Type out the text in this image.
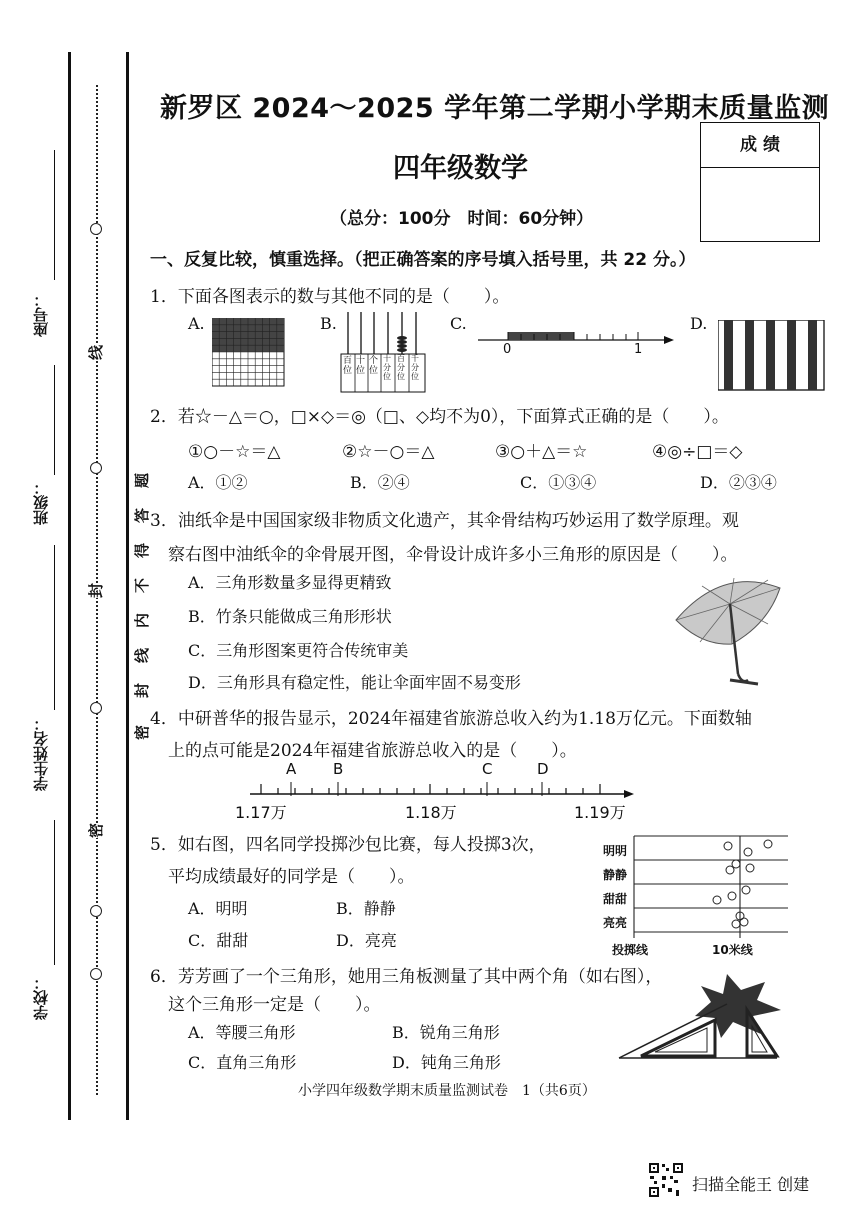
线
封
密
座号：
班级：
学生姓名：
学校：
密
封
线
内
不
得
答
题
新罗区 2024～2025 学年第二学期小学期末质量监测
四年级数学
（总分：100分　时间：60分钟）
成 绩
一、反复比较，慎重选择。（把正确答案的序号填入括号里，共 22 分。）
1．下面各图表示的数与其他不同的是（　　）。
A.	B.	C.	D.
百位
十位
个位
十分位
百分位
千分位
0	1
2．若☆－△＝○，□×◇＝◎（□、◇均不为0），下面算式正确的是（　　）。
①○－☆＝△	②☆－○＝△	③○＋△＝☆	④◎÷□＝◇
A．①②	B．②④	C．①③④	D．②③④
3．油纸伞是中国国家级非物质文化遗产，其伞骨结构巧妙运用了数学原理。观
察右图中油纸伞的伞骨展开图，伞骨设计成许多小三角形的原因是（　　）。
A．三角形数量多显得更精致
B．竹条只能做成三角形形状
C．三角形图案更符合传统审美
D．三角形具有稳定性，能让伞面牢固不易变形
4．中研普华的报告显示，2024年福建省旅游总收入约为1.18万亿元。下面数轴
上的点可能是2024年福建省旅游总收入的是（　　）。
A B	C	D
1.17万	1.18万	1.19万
5．如右图，四名同学投掷沙包比赛，每人投掷3次，
平均成绩最好的同学是（　　）。
A．明明	B．静静
C．甜甜	D．亮亮
明明
静静
甜甜
亮亮
投掷线	10米线
6．芳芳画了一个三角形，她用三角板测量了其中两个角（如右图），
这个三角形一定是（　　）。
A．等腰三角形	B．锐角三角形
C．直角三角形	D．钝角三角形
小学四年级数学期末质量监测试卷　1（共6页）
扫描全能王 创建
